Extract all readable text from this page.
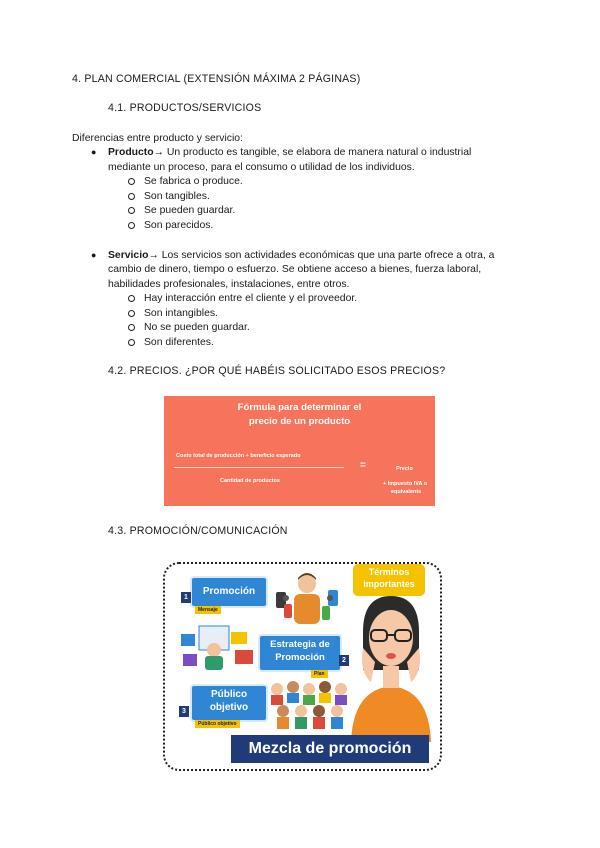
4. PLAN COMERCIAL (EXTENSIÓN MÁXIMA 2 PÁGINAS)
4.1. PRODUCTOS/SERVICIOS
Diferencias entre producto y servicio:
● Producto→ Un producto es tangible, se elabora de manera natural o industrial
mediante un proceso, para el consumo o utilidad de los individuos.
Se fabrica o produce.
Son tangibles.
Se pueden guardar.
Son parecidos.
● Servicio→ Los servicios son actividades económicas que una parte ofrece a otra, a
cambio de dinero, tiempo o esfuerzo. Se obtiene acceso a bienes, fuerza laboral,
habilidades profesionales, instalaciones, entre otros.
Hay interacción entre el cliente y el proveedor.
Son intangibles.
No se pueden guardar.
Son diferentes.
4.2. PRECIOS. ¿POR QUÉ HABÉIS SOLICITADO ESOS PRECIOS?
Fórmula para determinar el
precio de un producto
Costo total de producción + beneficio esperado
Cantidad de productos
=	Precio
+ Impuesto IVA o
equivalente
4.3. PROMOCIÓN/COMUNICACIÓN
Términos
importantes
Promoción
1
Mensaje
Estrategia de
Promoción	2
Plan
Público
objetivo
3
Público objetivo
Mezcla de promoción
